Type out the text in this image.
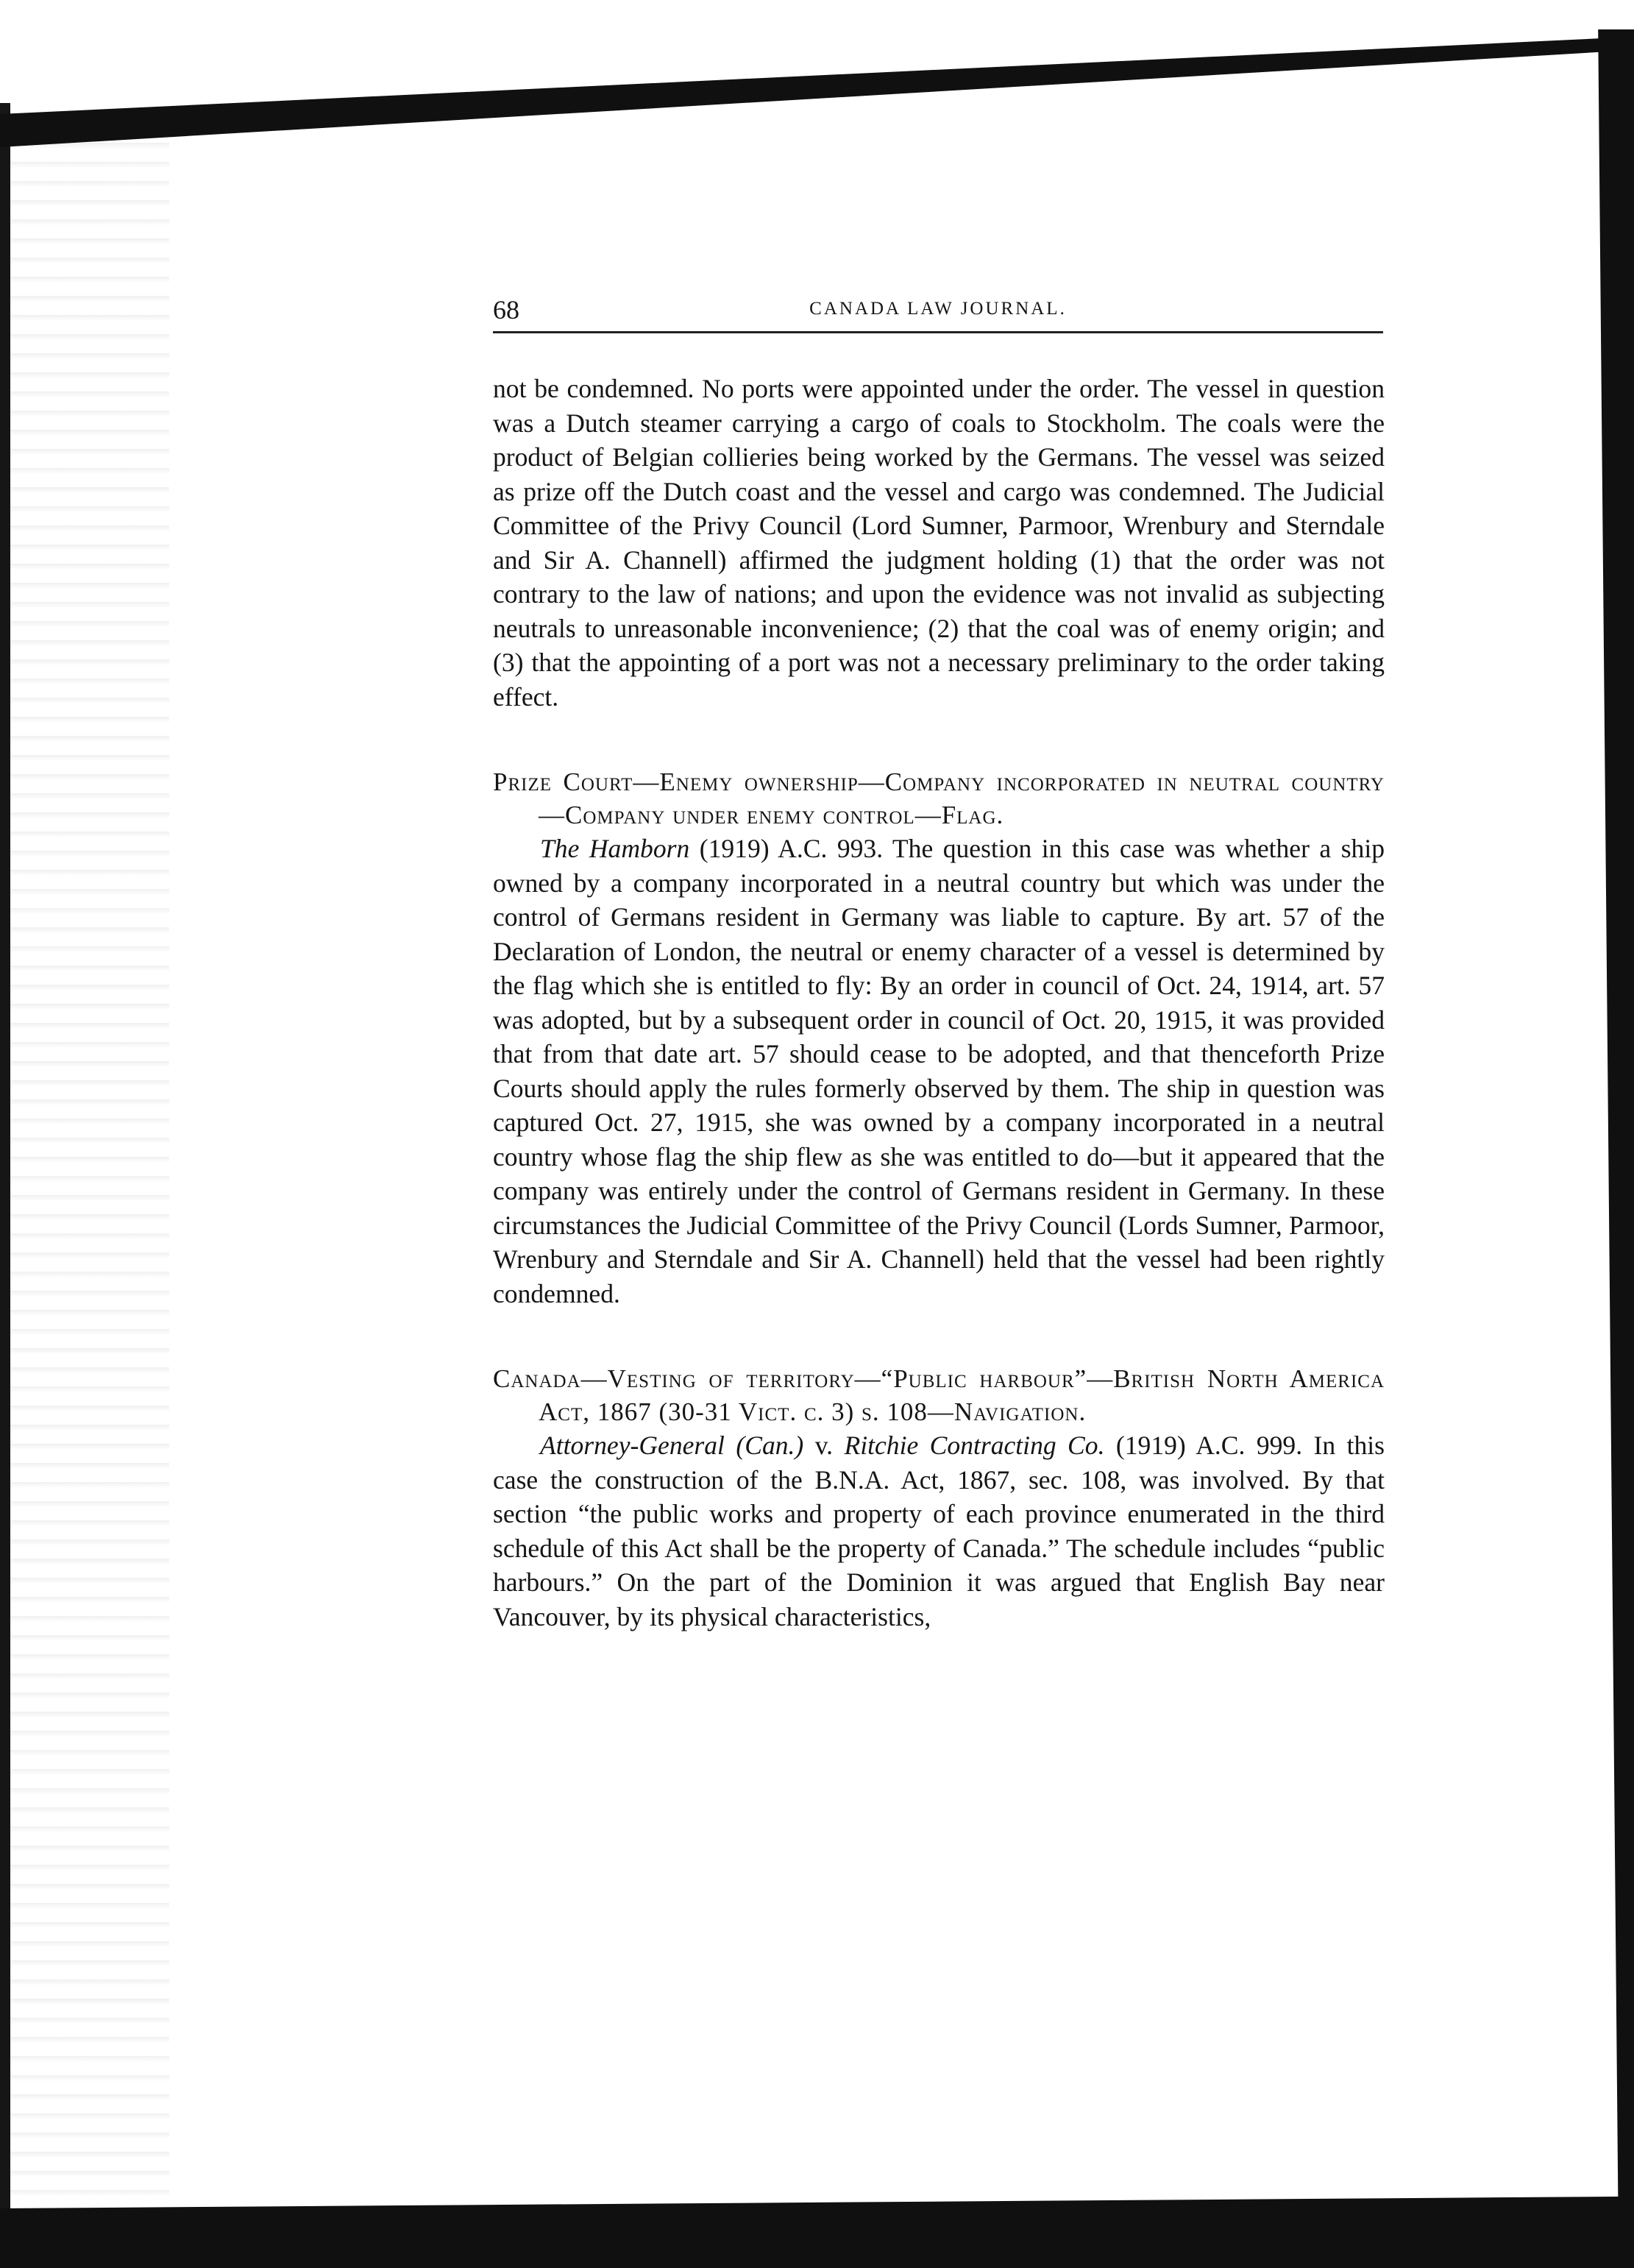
68	CANADA LAW JOURNAL.

not be condemned. No ports were appointed under the order. The vessel in question was a Dutch steamer carrying a cargo of coals to Stockholm. The coals were the product of Belgian collieries being worked by the Germans. The vessel was seized as prize off the Dutch coast and the vessel and cargo was condemned. The Judicial Committee of the Privy Council (Lord Sumner, Parmoor, Wrenbury and Sterndale and Sir A. Channell) affirmed the judgment holding (1) that the order was not contrary to the law of nations; and upon the evidence was not invalid as subjecting neutrals to unreasonable inconvenience; (2) that the coal was of enemy origin; and (3) that the appointing of a port was not a necessary preliminary to the order taking effect.

Prize Court—Enemy ownership—Company incorporated in neutral country—Company under enemy control—Flag.

The Hamborn (1919) A.C. 993. The question in this case was whether a ship owned by a company incorporated in a neutral country but which was under the control of Germans resident in Germany was liable to capture. By art. 57 of the Declaration of London, the neutral or enemy character of a vessel is determined by the flag which she is entitled to fly: By an order in council of Oct. 24, 1914, art. 57 was adopted, but by a subsequent order in council of Oct. 20, 1915, it was provided that from that date art. 57 should cease to be adopted, and that thenceforth Prize Courts should apply the rules formerly observed by them. The ship in question was captured Oct. 27, 1915, she was owned by a company incorporated in a neutral country whose flag the ship flew as she was entitled to do—but it appeared that the company was entirely under the control of Germans resident in Germany. In these circumstances the Judicial Committee of the Privy Council (Lords Sumner, Parmoor, Wrenbury and Sterndale and Sir A. Channell) held that the vessel had been rightly condemned.

Canada—Vesting of territory—“Public harbour”—British North America Act, 1867 (30-31 Vict. c. 3) s. 108—Navigation.

Attorney-General (Can.) v. Ritchie Contracting Co. (1919) A.C. 999. In this case the construction of the B.N.A. Act, 1867, sec. 108, was involved. By that section “the public works and property of each province enumerated in the third schedule of this Act shall be the property of Canada.” The schedule includes “public harbours.” On the part of the Dominion it was argued that English Bay near Vancouver, by its physical characteristics,
